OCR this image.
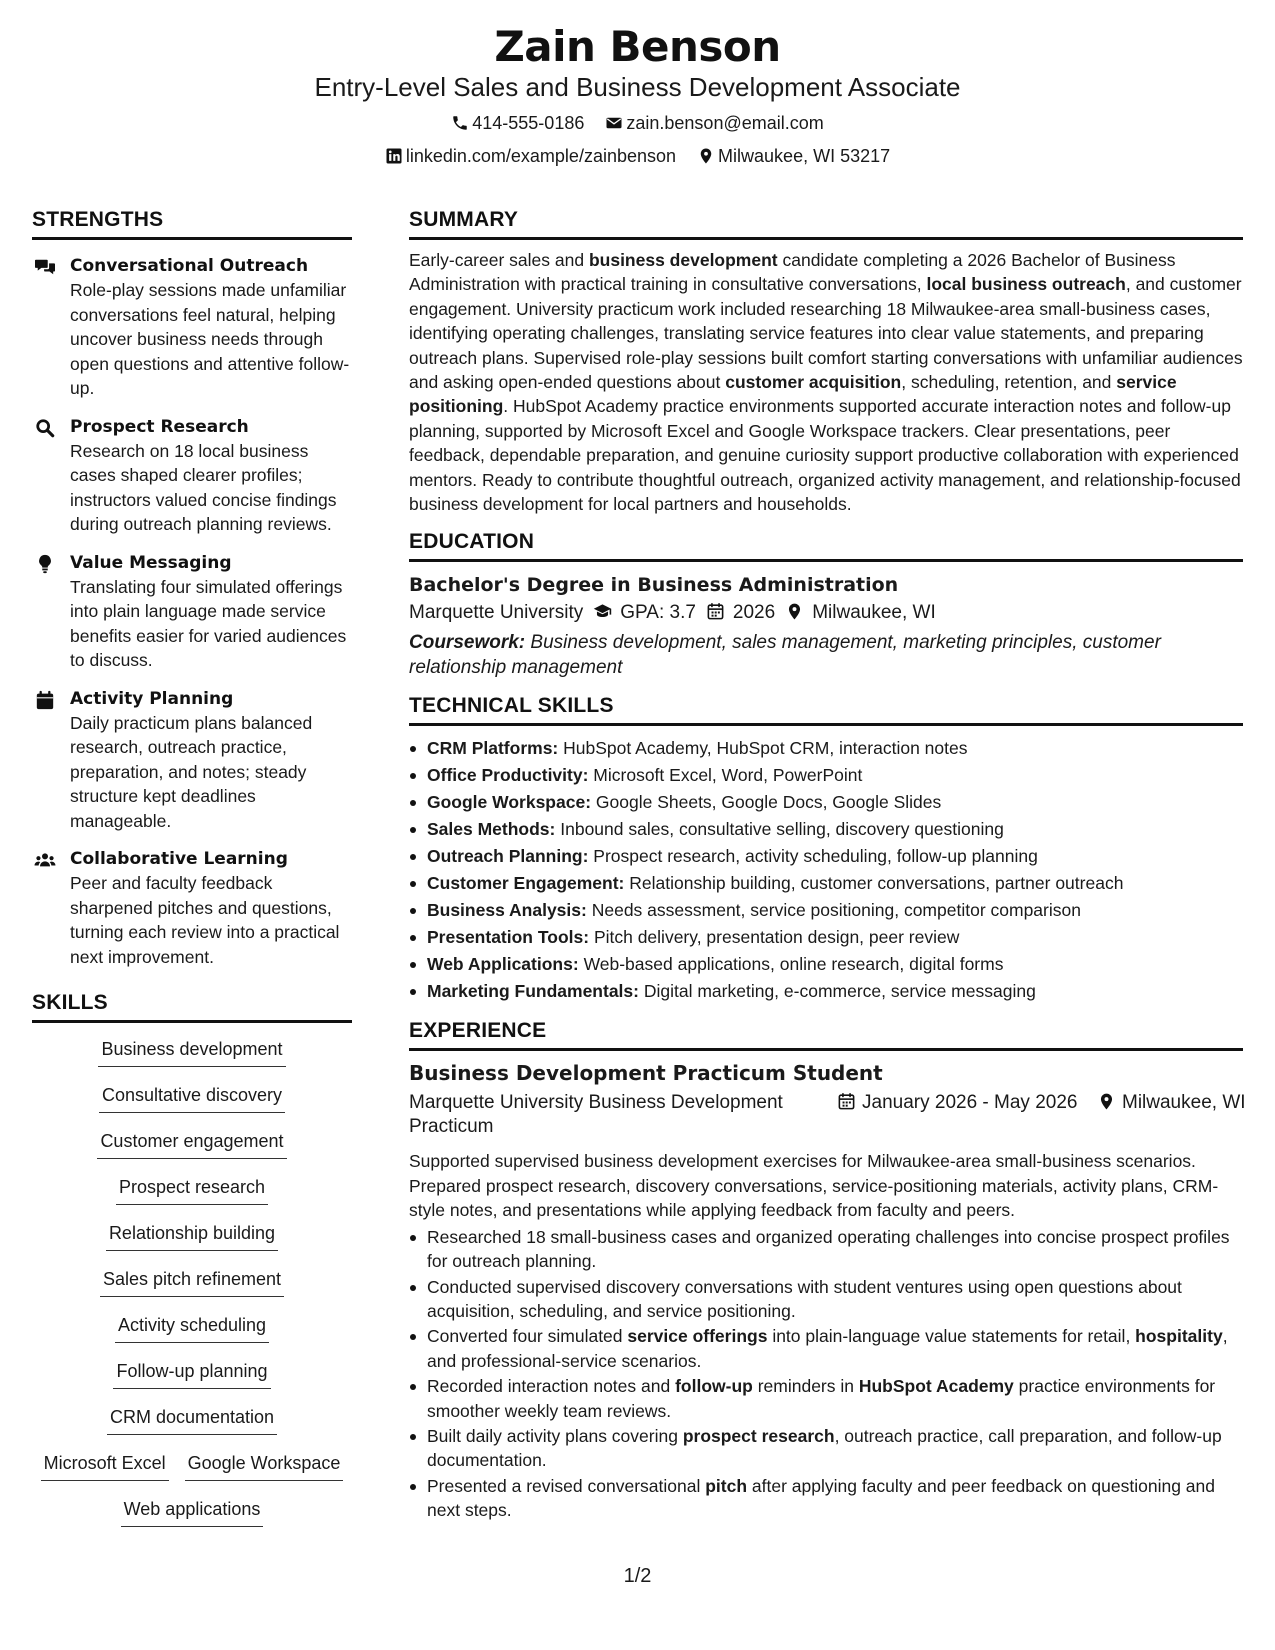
Zain Benson
Entry-Level Sales and Business Development Associate
414-555-0186 zain.benson@email.com
linkedin.com/example/zainbenson Milwaukee, WI 53217
STRENGTHS
Conversational Outreach
Role-play sessions made unfamiliar conversations feel natural, helping uncover business needs through open questions and attentive follow-up.
Prospect Research
Research on 18 local business cases shaped clearer profiles; instructors valued concise findings during outreach planning reviews.
Value Messaging
Translating four simulated offerings into plain language made service benefits easier for varied audiences to discuss.
Activity Planning
Daily practicum plans balanced research, outreach practice, preparation, and notes; steady structure kept deadlines manageable.
Collaborative Learning
Peer and faculty feedback sharpened pitches and questions, turning each review into a practical next improvement.
SKILLS
Business development
Consultative discovery
Customer engagement
Prospect research
Relationship building
Sales pitch refinement
Activity scheduling
Follow-up planning
CRM documentation
Microsoft Excel Google Workspace
Web applications
SUMMARY

Early-career sales and business development candidate completing a 2026 Bachelor of Business Administration with practical training in consultative conversations, local business outreach, and customer engagement. University practicum work included researching 18 Milwaukee-area small-business cases, identifying operating challenges, translating service features into clear value statements, and preparing outreach plans. Supervised role-play sessions built comfort starting conversations with unfamiliar audiences and asking open-ended questions about customer acquisition, scheduling, retention, and service positioning. HubSpot Academy practice environments supported accurate interaction notes and follow-up planning, supported by Microsoft Excel and Google Workspace trackers. Clear presentations, peer feedback, dependable preparation, and genuine curiosity support productive collaboration with experienced mentors. Ready to contribute thoughtful outreach, organized activity management, and relationship-focused business development for local partners and households.

EDUCATION
Bachelor's Degree in Business Administration
Marquette University GPA: 3.7 2026 Milwaukee, WI
Coursework: Business development, sales management, marketing principles, customer relationship management
TECHNICAL SKILLS
CRM Platforms: HubSpot Academy, HubSpot CRM, interaction notes
Office Productivity: Microsoft Excel, Word, PowerPoint
Google Workspace: Google Sheets, Google Docs, Google Slides
Sales Methods: Inbound sales, consultative selling, discovery questioning
Outreach Planning: Prospect research, activity scheduling, follow-up planning
Customer Engagement: Relationship building, customer conversations, partner outreach
Business Analysis: Needs assessment, service positioning, competitor comparison
Presentation Tools: Pitch delivery, presentation design, peer review
Web Applications: Web-based applications, online research, digital forms
Marketing Fundamentals: Digital marketing, e-commerce, service messaging
EXPERIENCE
Business Development Practicum Student
Marquette University Business Development Practicum
January 2026 - May 2026	Milwaukee, WI

Supported supervised business development exercises for Milwaukee-area small-business scenarios. Prepared prospect research, discovery conversations, service-positioning materials, activity plans, CRM-style notes, and presentations while applying feedback from faculty and peers.

Researched 18 small-business cases and organized operating challenges into concise prospect profiles for outreach planning.
Conducted supervised discovery conversations with student ventures using open questions about acquisition, scheduling, and service positioning.
Converted four simulated service offerings into plain-language value statements for retail, hospitality, and professional-service scenarios.
Recorded interaction notes and follow-up reminders in HubSpot Academy practice environments for smoother weekly team reviews.
Built daily activity plans covering prospect research, outreach practice, call preparation, and follow-up documentation.
Presented a revised conversational pitch after applying faculty and peer feedback on questioning and next steps.
1/2
